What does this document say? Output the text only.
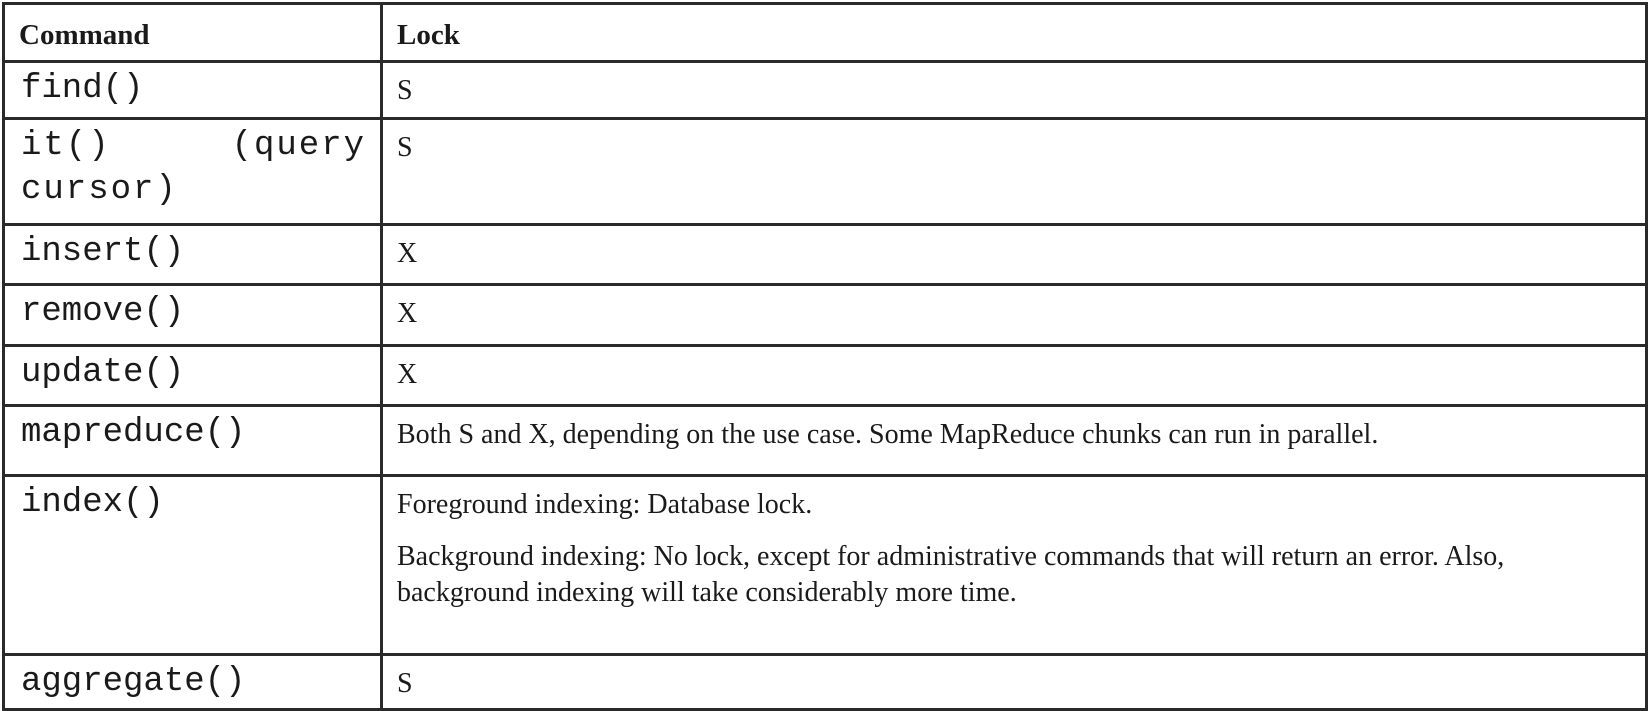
Command	Lock
find()	S
it() (query cursor)	S
insert()	X
remove()	X
update()	X
mapreduce()	Both S and X, depending on the use case. Some MapReduce chunks can run in parallel.
index()	Foreground indexing: Database lock.

Background indexing: No lock, except for administrative commands that will return an error. Also, background indexing will take considerably more time.

aggregate()	S
